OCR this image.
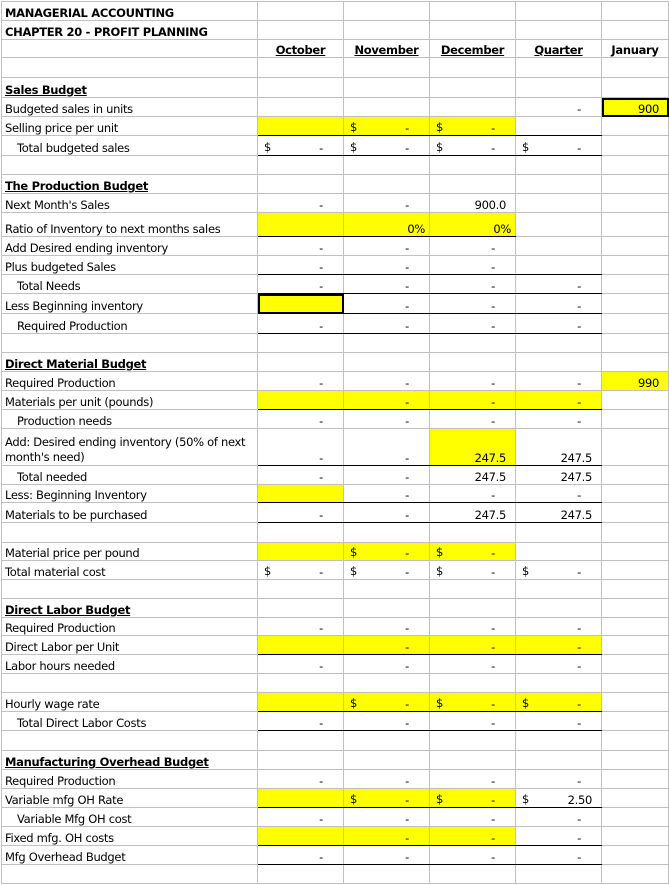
MANAGERIAL ACCOUNTING					
CHAPTER 20 - PROFIT PLANNING					
	October	November	December	Quarter	January

Sales Budget					
Budgeted sales in units				-	900
Selling price per unit		$ -	$ -		
Total budgeted sales	$ -	$ -	$ -	$ -	

The Production Budget					
Next Month's Sales	-	-	900.0		
Ratio of Inventory to next months sales		0%	0%		
Add Desired ending inventory	-	-	-		
Plus budgeted Sales	-	-	-		
Total Needs	-	-	-	-	
Less Beginning inventory		-	-	-	
Required Production	-	-	-	-	

Direct Material Budget					
Required Production	-	-	-	-	990
Materials per unit (pounds)		-	-	-	
Production needs	-	-	-	-	
Add: Desired ending inventory (50% of next month's need)	-	-	247.5	247.5	
Total needed	-	-	247.5	247.5	
Less: Beginning Inventory		-	-	-	
Materials to be purchased	-	-	247.5	247.5	

Material price per pound		$ -	$ -		
Total material cost	$ -	$ -	$ -	$ -	

Direct Labor Budget					
Required Production	-	-	-	-	
Direct Labor per Unit		-	-	-	
Labor hours needed	-	-	-	-	

Hourly wage rate		$ -	$ -	$ -	
Total Direct Labor Costs	-	-	-	-	

Manufacturing Overhead Budget					
Required Production	-	-	-	-	
Variable mfg OH Rate		$ -	$ -	$ 2.50	
Variable Mfg OH cost	-	-	-	-	
Fixed mfg. OH costs		-	-	-	
Mfg Overhead Budget	-	-	-	-	
